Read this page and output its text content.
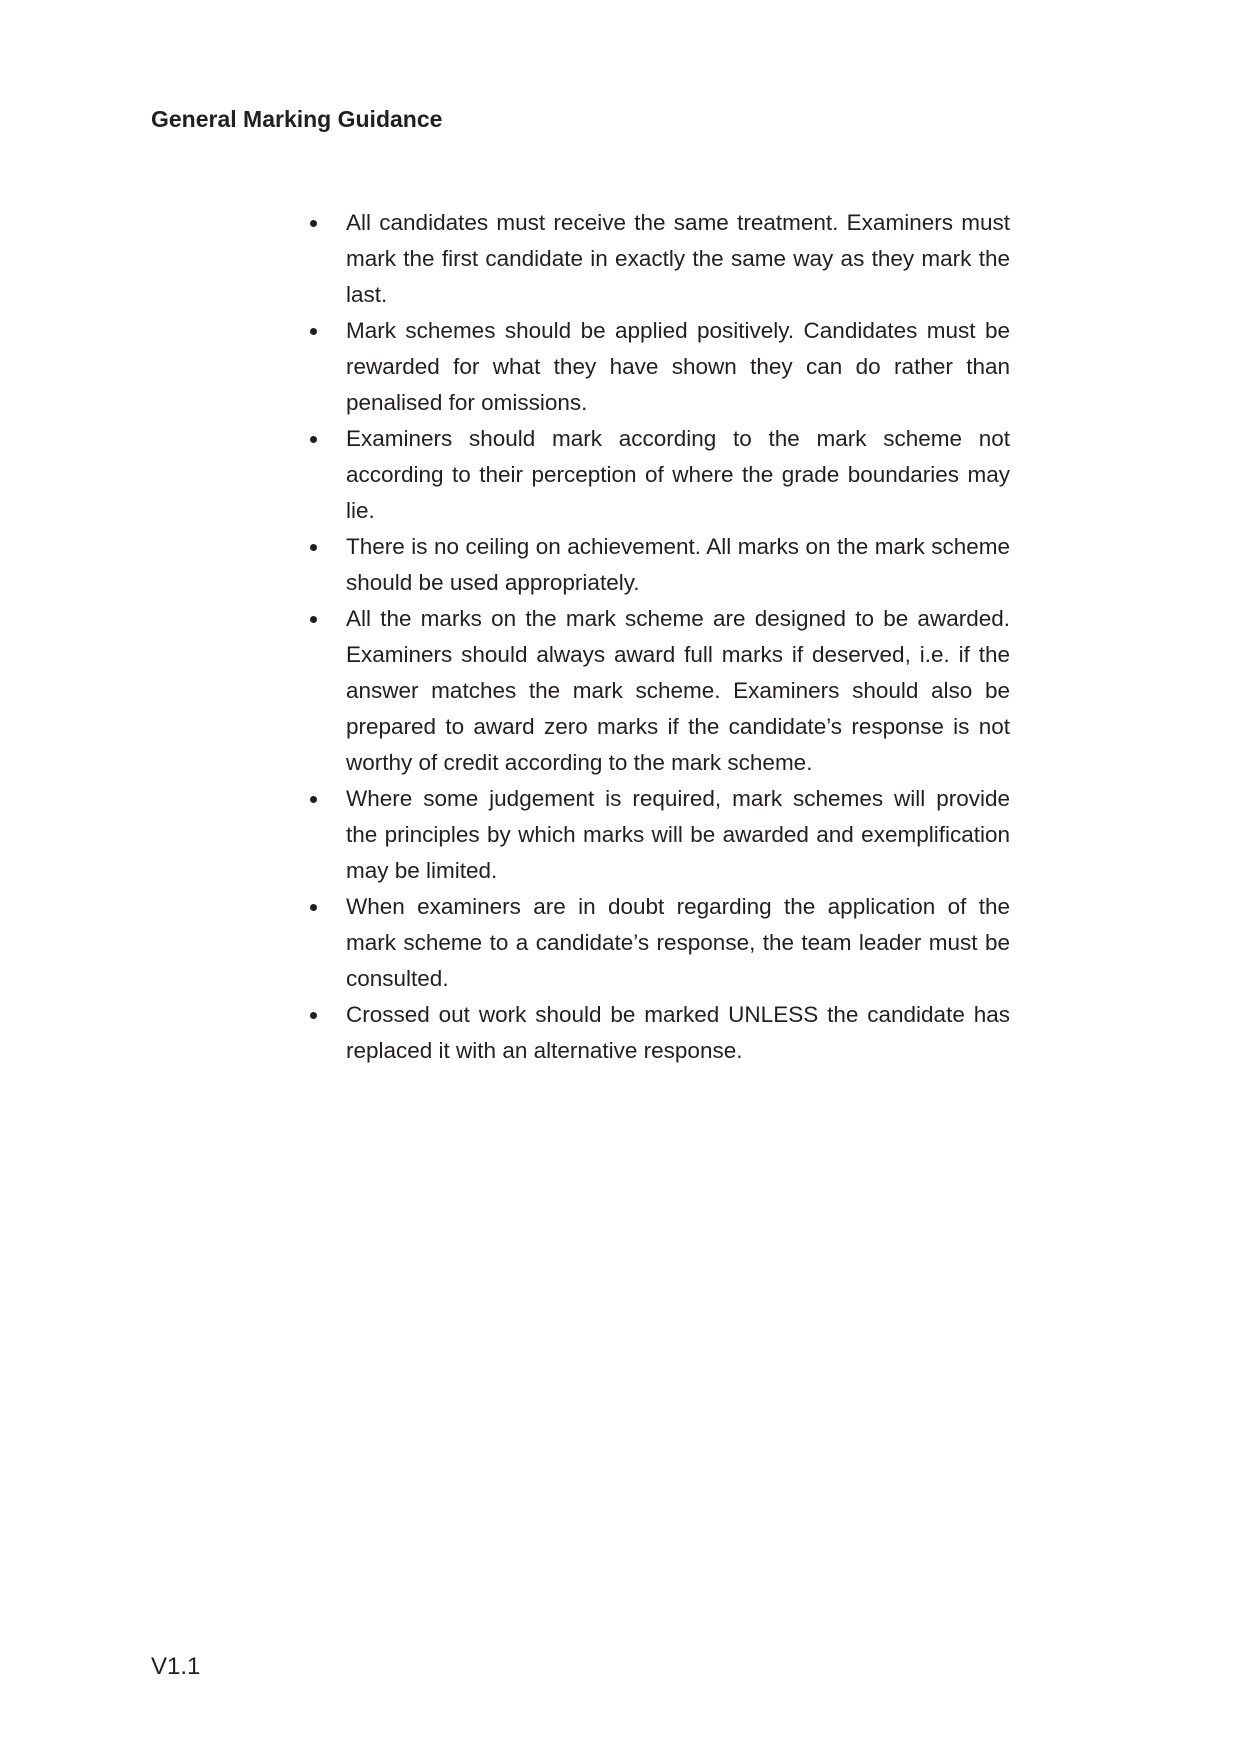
General Marking Guidance
All candidates must receive the same treatment. Examiners must mark the first candidate in exactly the same way as they mark the last.
Mark schemes should be applied positively. Candidates must be rewarded for what they have shown they can do rather than penalised for omissions.
Examiners should mark according to the mark scheme not according to their perception of where the grade boundaries may lie.
There is no ceiling on achievement. All marks on the mark scheme should be used appropriately.
All the marks on the mark scheme are designed to be awarded. Examiners should always award full marks if deserved, i.e. if the answer matches the mark scheme. Examiners should also be prepared to award zero marks if the candidate’s response is not worthy of credit according to the mark scheme.
Where some judgement is required, mark schemes will provide the principles by which marks will be awarded and exemplification may be limited.
When examiners are in doubt regarding the application of the mark scheme to a candidate’s response, the team leader must be consulted.
Crossed out work should be marked UNLESS the candidate has replaced it with an alternative response.
V1.1
